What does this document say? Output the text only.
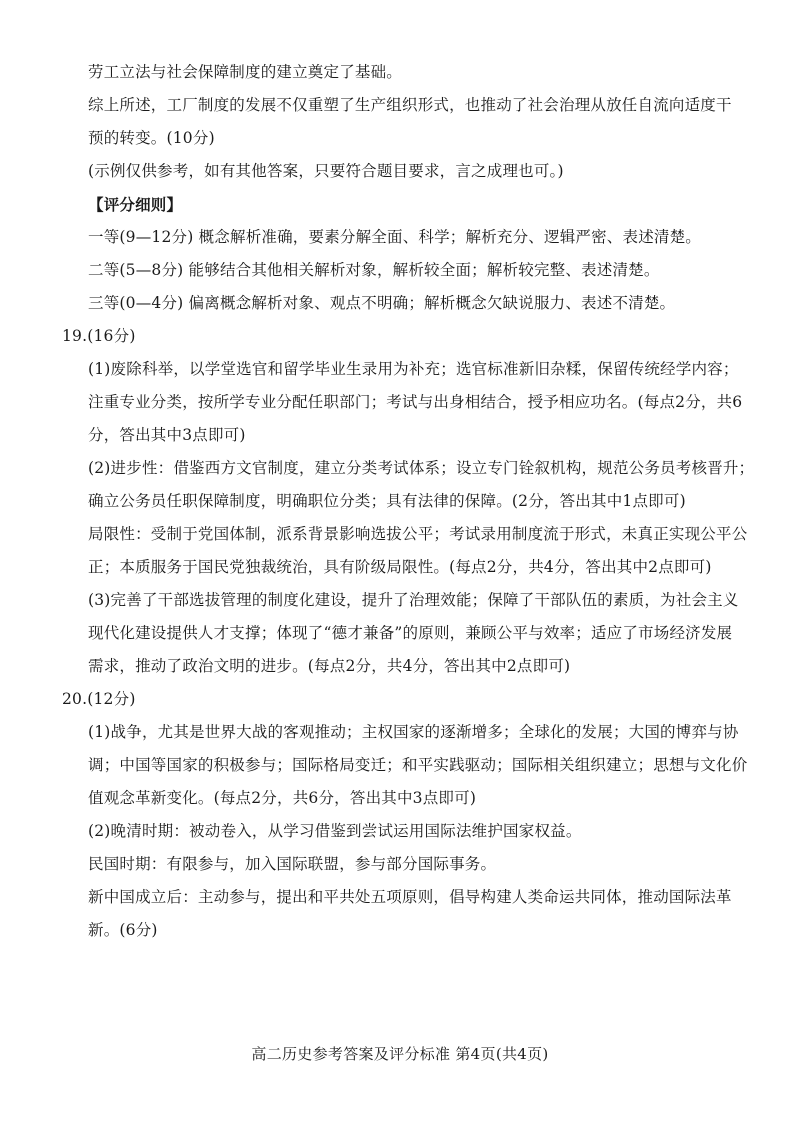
劳工立法与社会保障制度的建立奠定了基础。
综上所述，工厂制度的发展不仅重塑了生产组织形式，也推动了社会治理从放任自流向适度干
预的转变。(10分)
(示例仅供参考，如有其他答案，只要符合题目要求，言之成理也可。)
【评分细则】
一等(9—12分) 概念解析准确，要素分解全面、科学；解析充分、逻辑严密、表述清楚。
二等(5—8分) 能够结合其他相关解析对象，解析较全面；解析较完整、表述清楚。
三等(0—4分) 偏离概念解析对象、观点不明确；解析概念欠缺说服力、表述不清楚。
19.(16分)
(1)废除科举，以学堂选官和留学毕业生录用为补充；选官标准新旧杂糅，保留传统经学内容；
注重专业分类，按所学专业分配任职部门；考试与出身相结合，授予相应功名。(每点2分，共6
分，答出其中3点即可)
(2)进步性：借鉴西方文官制度，建立分类考试体系；设立专门铨叙机构，规范公务员考核晋升；
确立公务员任职保障制度，明确职位分类；具有法律的保障。(2分，答出其中1点即可)
局限性：受制于党国体制，派系背景影响选拔公平；考试录用制度流于形式，未真正实现公平公
正；本质服务于国民党独裁统治，具有阶级局限性。(每点2分，共4分，答出其中2点即可)
(3)完善了干部选拔管理的制度化建设，提升了治理效能；保障了干部队伍的素质，为社会主义
现代化建设提供人才支撑；体现了“德才兼备”的原则，兼顾公平与效率；适应了市场经济发展
需求，推动了政治文明的进步。(每点2分，共4分，答出其中2点即可)
20.(12分)
(1)战争，尤其是世界大战的客观推动；主权国家的逐渐增多；全球化的发展；大国的博弈与协
调；中国等国家的积极参与；国际格局变迁；和平实践驱动；国际相关组织建立；思想与文化价
值观念革新变化。(每点2分，共6分，答出其中3点即可)
(2)晚清时期：被动卷入，从学习借鉴到尝试运用国际法维护国家权益。
民国时期：有限参与，加入国际联盟，参与部分国际事务。
新中国成立后：主动参与，提出和平共处五项原则，倡导构建人类命运共同体，推动国际法革
新。(6分)
高二历史参考答案及评分标准 第4页(共4页)
